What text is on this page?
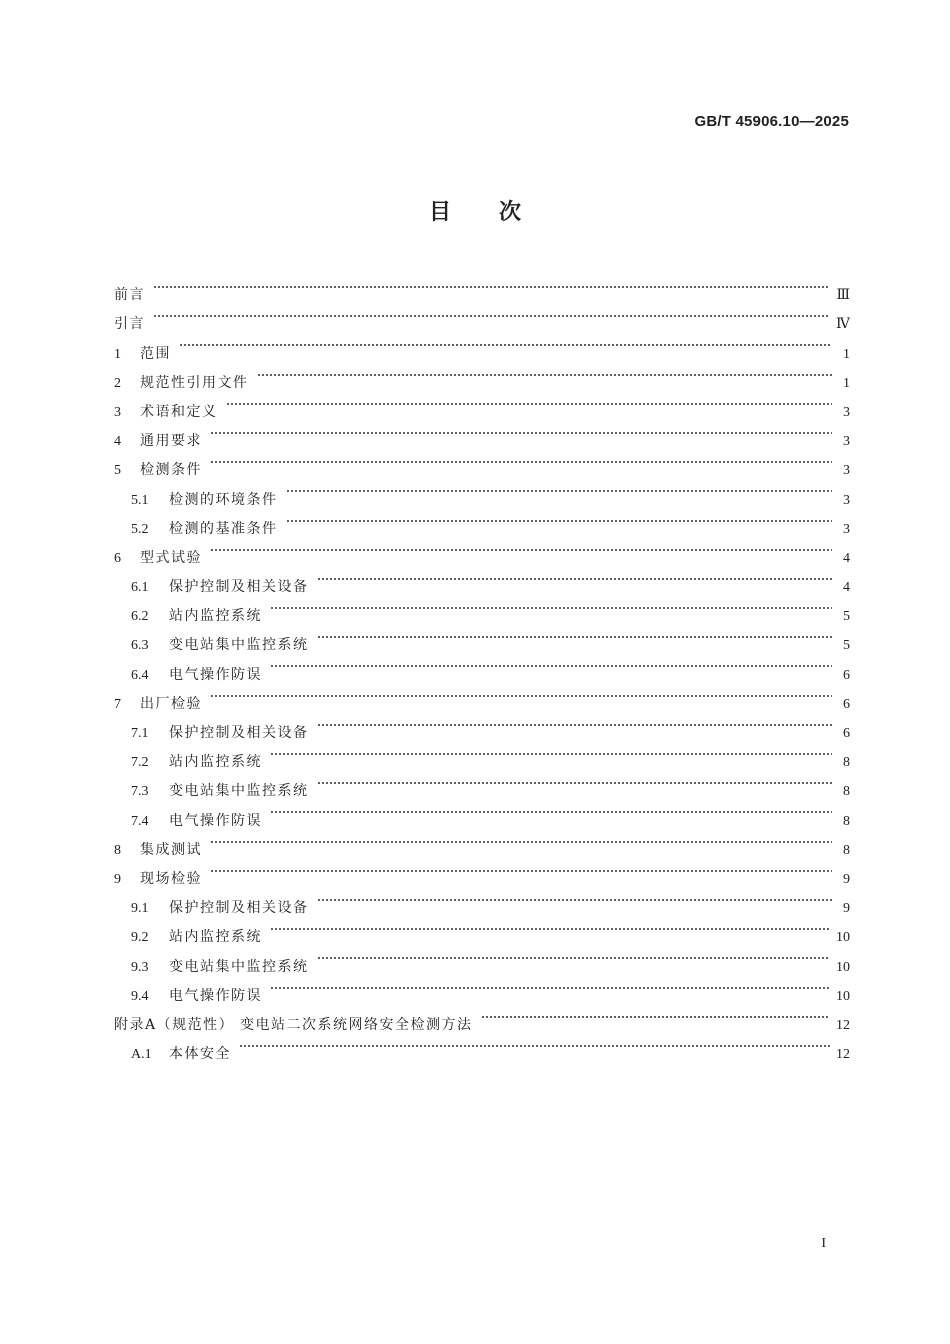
GB/T 45906.10—2025
目次
前言	Ⅲ
引言	Ⅳ
1	范围	1
2	规范性引用文件	1
3	术语和定义	3
4	通用要求	3
5	检测条件	3
5.1	检测的环境条件	3
5.2	检测的基准条件	3
6	型式试验	4
6.1	保护控制及相关设备	4
6.2	站内监控系统	5
6.3	变电站集中监控系统	5
6.4	电气操作防误	6
7	出厂检验	6
7.1	保护控制及相关设备	6
7.2	站内监控系统	8
7.3	变电站集中监控系统	8
7.4	电气操作防误	8
8	集成测试	8
9	现场检验	9
9.1	保护控制及相关设备	9
9.2	站内监控系统	10
9.3	变电站集中监控系统	10
9.4	电气操作防误	10
附录A（规范性） 变电站二次系统网络安全检测方法	12
A.1	本体安全	12
I
